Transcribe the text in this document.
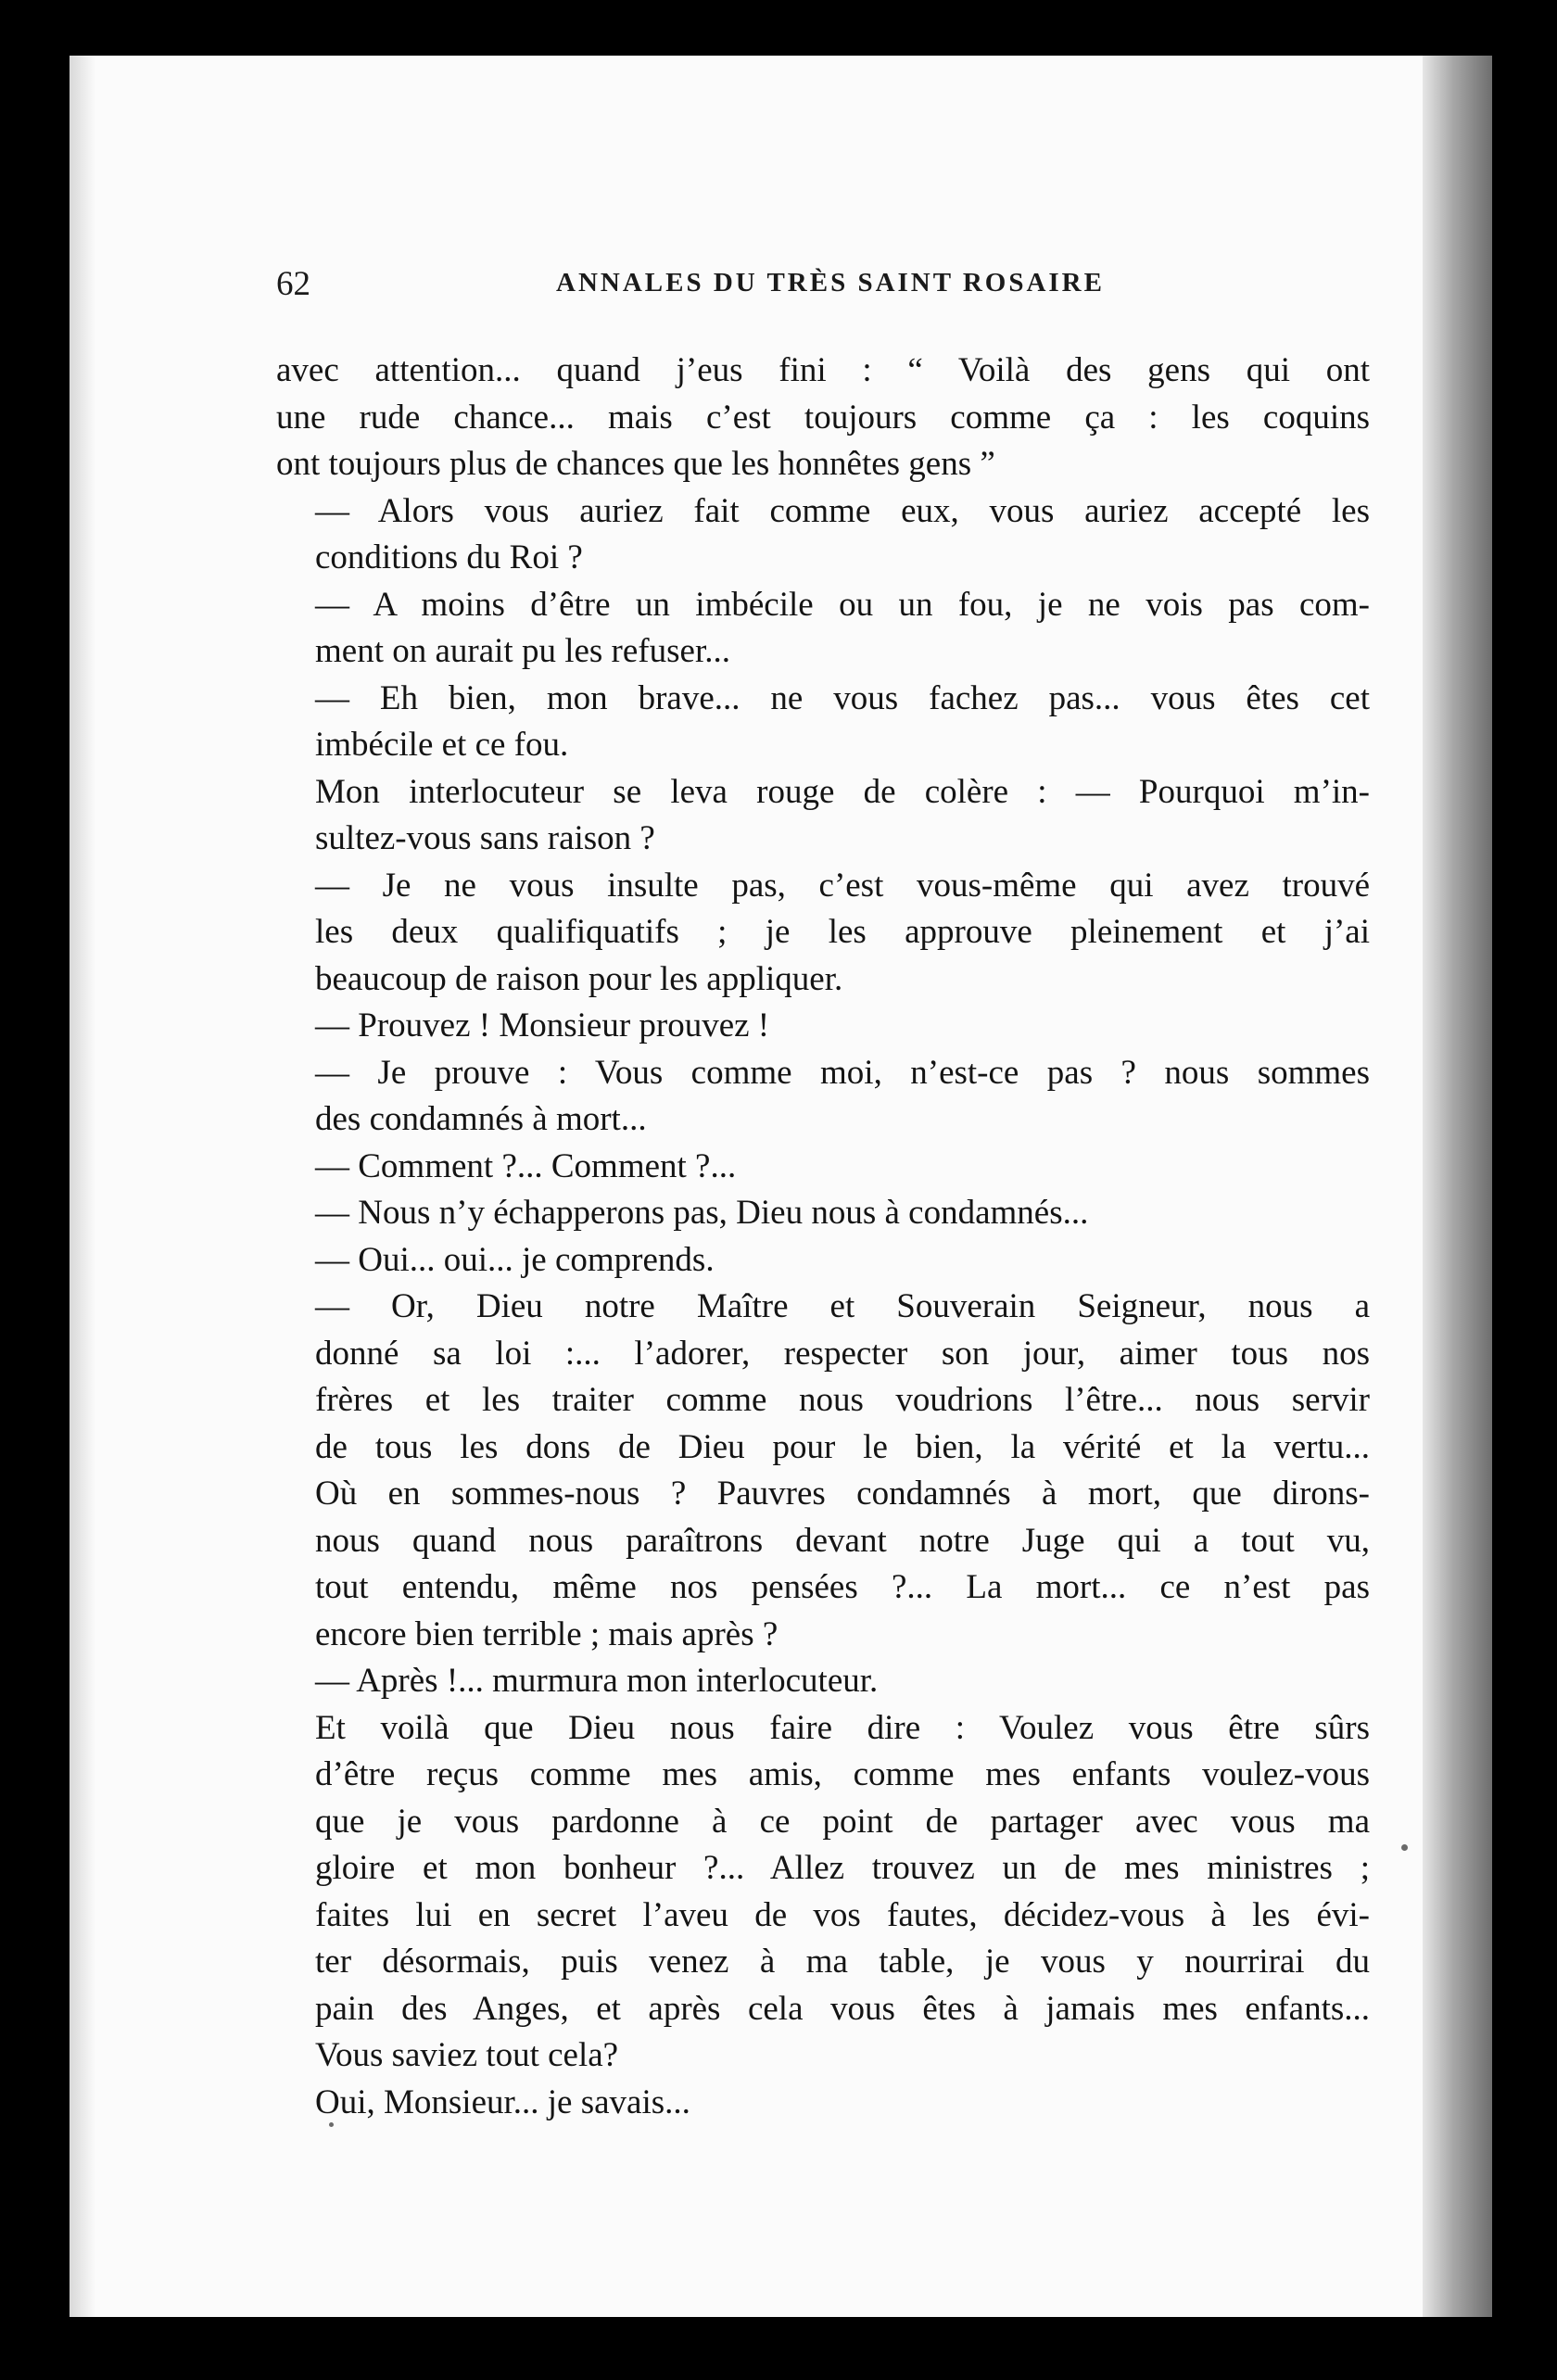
62	ANNALES DU TRÈS SAINT ROSAIRE

avec attention... quand j’eus fini : “ Voilà des gens qui ont
une rude chance... mais c’est toujours comme ça : les coquins
ont toujours plus de chances que les honnêtes gens ”

— Alors vous auriez fait comme eux, vous auriez accepté les
conditions du Roi ?

— A moins d’être un imbécile ou un fou, je ne vois pas com-
ment on aurait pu les refuser...

— Eh bien, mon brave... ne vous fachez pas... vous êtes cet
imbécile et ce fou.

Mon interlocuteur se leva rouge de colère : — Pourquoi m’in-
sultez-vous sans raison ?

— Je ne vous insulte pas, c’est vous-même qui avez trouvé
les deux qualifiquatifs ; je les approuve pleinement et j’ai
beaucoup de raison pour les appliquer.

— Prouvez ! Monsieur prouvez !

— Je prouve : Vous comme moi, n’est-ce pas ? nous sommes
des condamnés à mort...

— Comment ?... Comment ?...

— Nous n’y échapperons pas, Dieu nous à condamnés...

— Oui... oui... je comprends.

— Or, Dieu notre Maître et Souverain Seigneur, nous a
donné sa loi :... l’adorer, respecter son jour, aimer tous nos
frères et les traiter comme nous voudrions l’être... nous servir
de tous les dons de Dieu pour le bien, la vérité et la vertu...
Où en sommes-nous ? Pauvres condamnés à mort, que dirons-
nous quand nous paraîtrons devant notre Juge qui a tout vu,
tout entendu, même nos pensées ?... La mort... ce n’est pas
encore bien terrible ; mais après ?

— Après !... murmura mon interlocuteur.

Et voilà que Dieu nous faire dire : Voulez vous être sûrs
d’être reçus comme mes amis, comme mes enfants voulez-vous
que je vous pardonne à ce point de partager avec vous ma
gloire et mon bonheur ?... Allez trouvez un de mes ministres ;
faites lui en secret l’aveu de vos fautes, décidez-vous à les évi-
ter désormais, puis venez à ma table, je vous y nourrirai du
pain des Anges, et après cela vous êtes à jamais mes enfants...
Vous saviez tout cela?

Oui, Monsieur... je savais...
